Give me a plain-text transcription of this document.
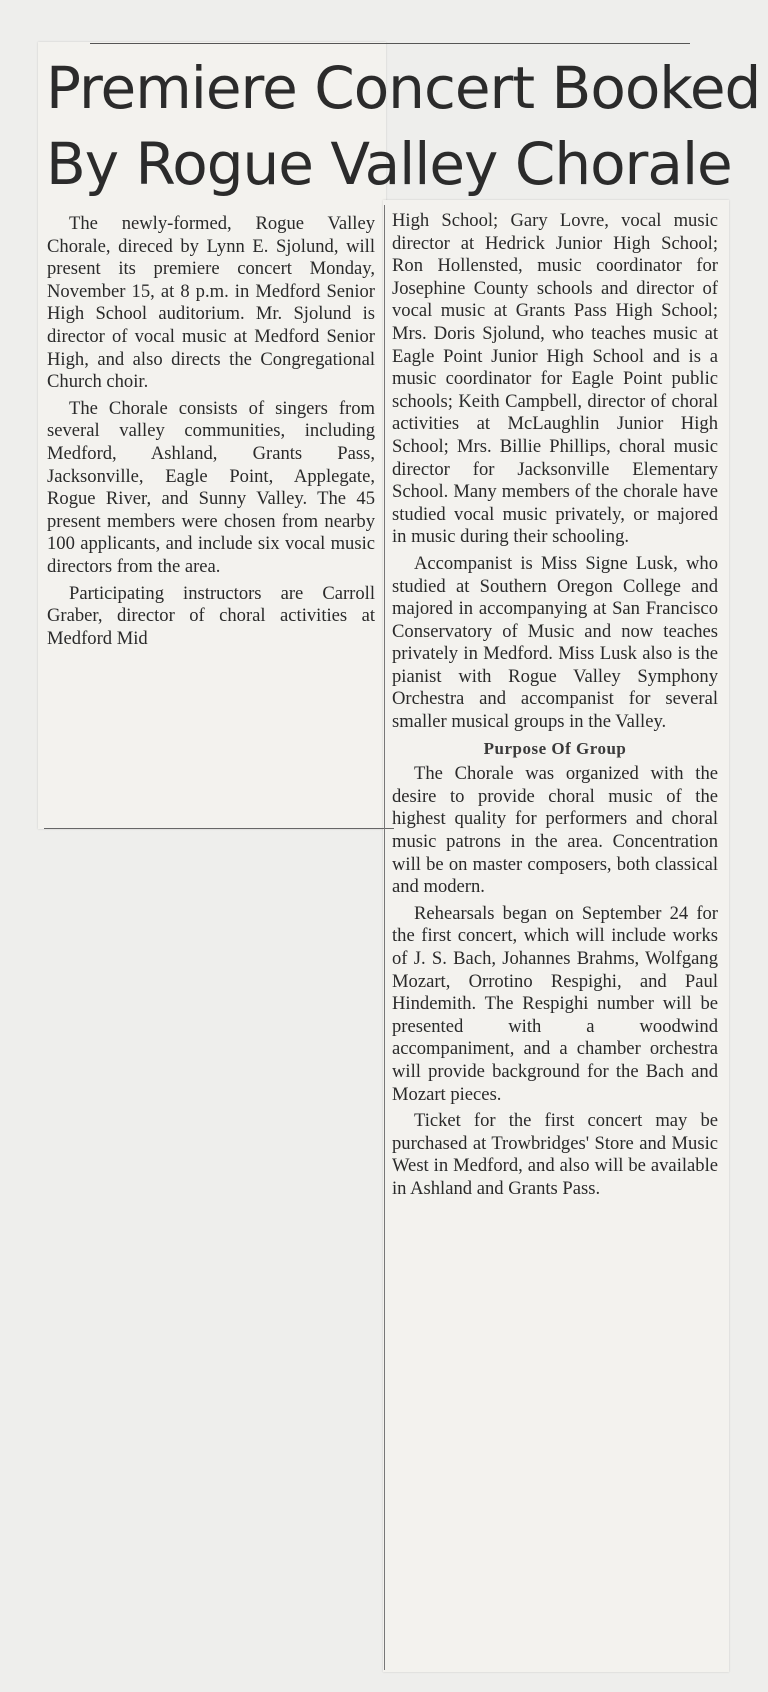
Premiere Concert Booked
By Rogue Valley Chorale

The newly-formed, Rogue Valley Chorale, direced by Lynn E. Sjolund, will present its premiere concert Monday, November 15, at 8 p.m. in Medford Senior High School auditorium. Mr. Sjolund is director of vocal music at Medford Senior High, and also directs the Congregational Church choir.

The Chorale consists of singers from several valley communities, including Medford, Ashland, Grants Pass, Jacksonville, Eagle Point, Applegate, Rogue River, and Sunny Valley. The 45 present members were chosen from nearby 100 applicants, and include six vocal music directors from the area.

Participating instructors are Carroll Graber, director of choral activities at Medford Mid

High School; Gary Lovre, vocal music director at Hedrick Junior High School; Ron Hollensted, music coordinator for Josephine County schools and director of vocal music at Grants Pass High School; Mrs. Doris Sjolund, who teaches music at Eagle Point Junior High School and is a music coordinator for Eagle Point public schools; Keith Campbell, director of choral activities at McLaughlin Junior High School; Mrs. Billie Phillips, choral music director for Jacksonville Elementary School. Many members of the chorale have studied vocal music privately, or majored in music during their schooling.

Accompanist is Miss Signe Lusk, who studied at Southern Oregon College and majored in accompanying at San Francisco Conservatory of Music and now teaches privately in Medford. Miss Lusk also is the pianist with Rogue Valley Symphony Orchestra and accompanist for several smaller musical groups in the Valley.

Purpose Of Group

The Chorale was organized with the desire to provide choral music of the highest quality for performers and choral music patrons in the area. Concentration will be on master composers, both classical and modern.

Rehearsals began on September 24 for the first concert, which will include works of J. S. Bach, Johannes Brahms, Wolfgang Mozart, Orrotino Respighi, and Paul Hindemith. The Respighi number will be presented with a woodwind accompaniment, and a chamber orchestra will provide background for the Bach and Mozart pieces.

Ticket for the first concert may be purchased at Trowbridges' Store and Music West in Medford, and also will be available in Ashland and Grants Pass.
